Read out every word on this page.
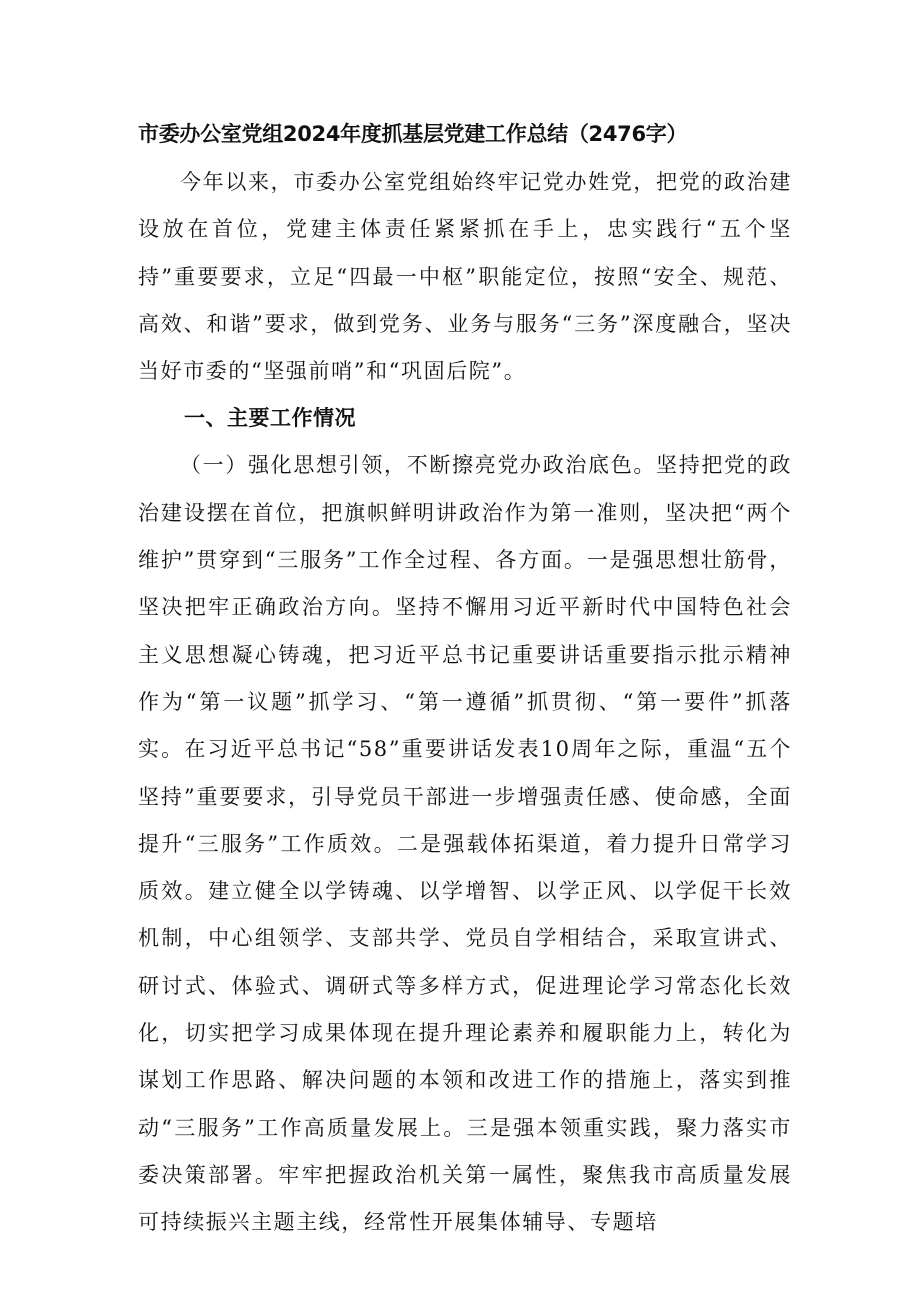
市委办公室党组2024年度抓基层党建工作总结（2476字）

今年以来，市委办公室党组始终牢记党办姓党，把党的政治建设放在首位，党建主体责任紧紧抓在手上，忠实践行“五个坚持”重要要求，立足“四最一中枢”职能定位，按照“安全、规范、高效、和谐”要求，做到党务、业务与服务“三务”深度融合，坚决当好市委的“坚强前哨”和“巩固后院”。

一、主要工作情况

（一）强化思想引领，不断擦亮党办政治底色。坚持把党的政治建设摆在首位，把旗帜鲜明讲政治作为第一准则，坚决把“两个维护”贯穿到“三服务”工作全过程、各方面。一是强思想壮筋骨，坚决把牢正确政治方向。坚持不懈用习近平新时代中国特色社会主义思想凝心铸魂，把习近平总书记重要讲话重要指示批示精神作为“第一议题”抓学习、“第一遵循”抓贯彻、“第一要件”抓落实。在习近平总书记“58”重要讲话发表10周年之际，重温“五个坚持”重要要求，引导党员干部进一步增强责任感、使命感，全面提升“三服务”工作质效。二是强载体拓渠道，着力提升日常学习质效。建立健全以学铸魂、以学增智、以学正风、以学促干长效机制，中心组领学、支部共学、党员自学相结合，采取宣讲式、研讨式、体验式、调研式等多样方式，促进理论学习常态化长效化，切实把学习成果体现在提升理论素养和履职能力上，转化为谋划工作思路、解决问题的本领和改进工作的措施上，落实到推动“三服务”工作高质量发展上。三是强本领重实践，聚力落实市委决策部署。牢牢把握政治机关第一属性，聚焦我市高质量发展可持续振兴主题主线，经常性开展集体辅导、专题培
